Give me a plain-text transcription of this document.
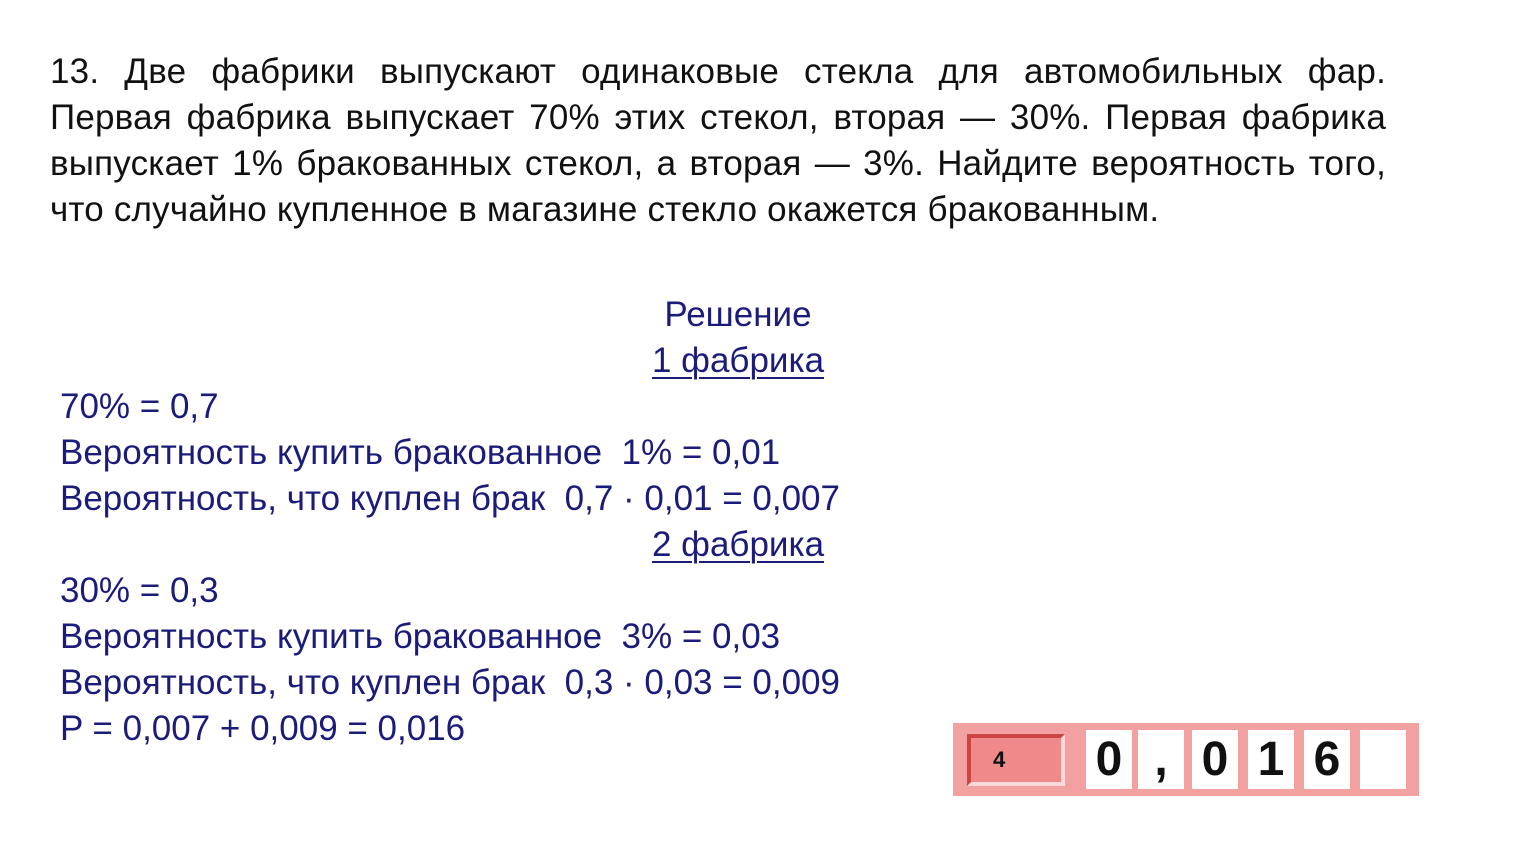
13. Две фабрики выпускают одинаковые стекла для автомобильных фар. Первая фабрика выпускает 70% этих стекол, вторая — 30%. Первая фабрика выпускает 1% бракованных стекол, а вторая — 3%. Найдите вероятность того, что случайно купленное в магазине стекло окажется бракованным.
Решение
1 фабрика
70% = 0,7
Вероятность купить бракованное  1% = 0,01
Вероятность, что куплен брак  0,7 · 0,01 = 0,007
2 фабрика
30% = 0,3
Вероятность купить бракованное  3% = 0,03
Вероятность, что куплен брак  0,3 · 0,03 = 0,009
P = 0,007 + 0,009 = 0,016
4	0 , 0 1 6
